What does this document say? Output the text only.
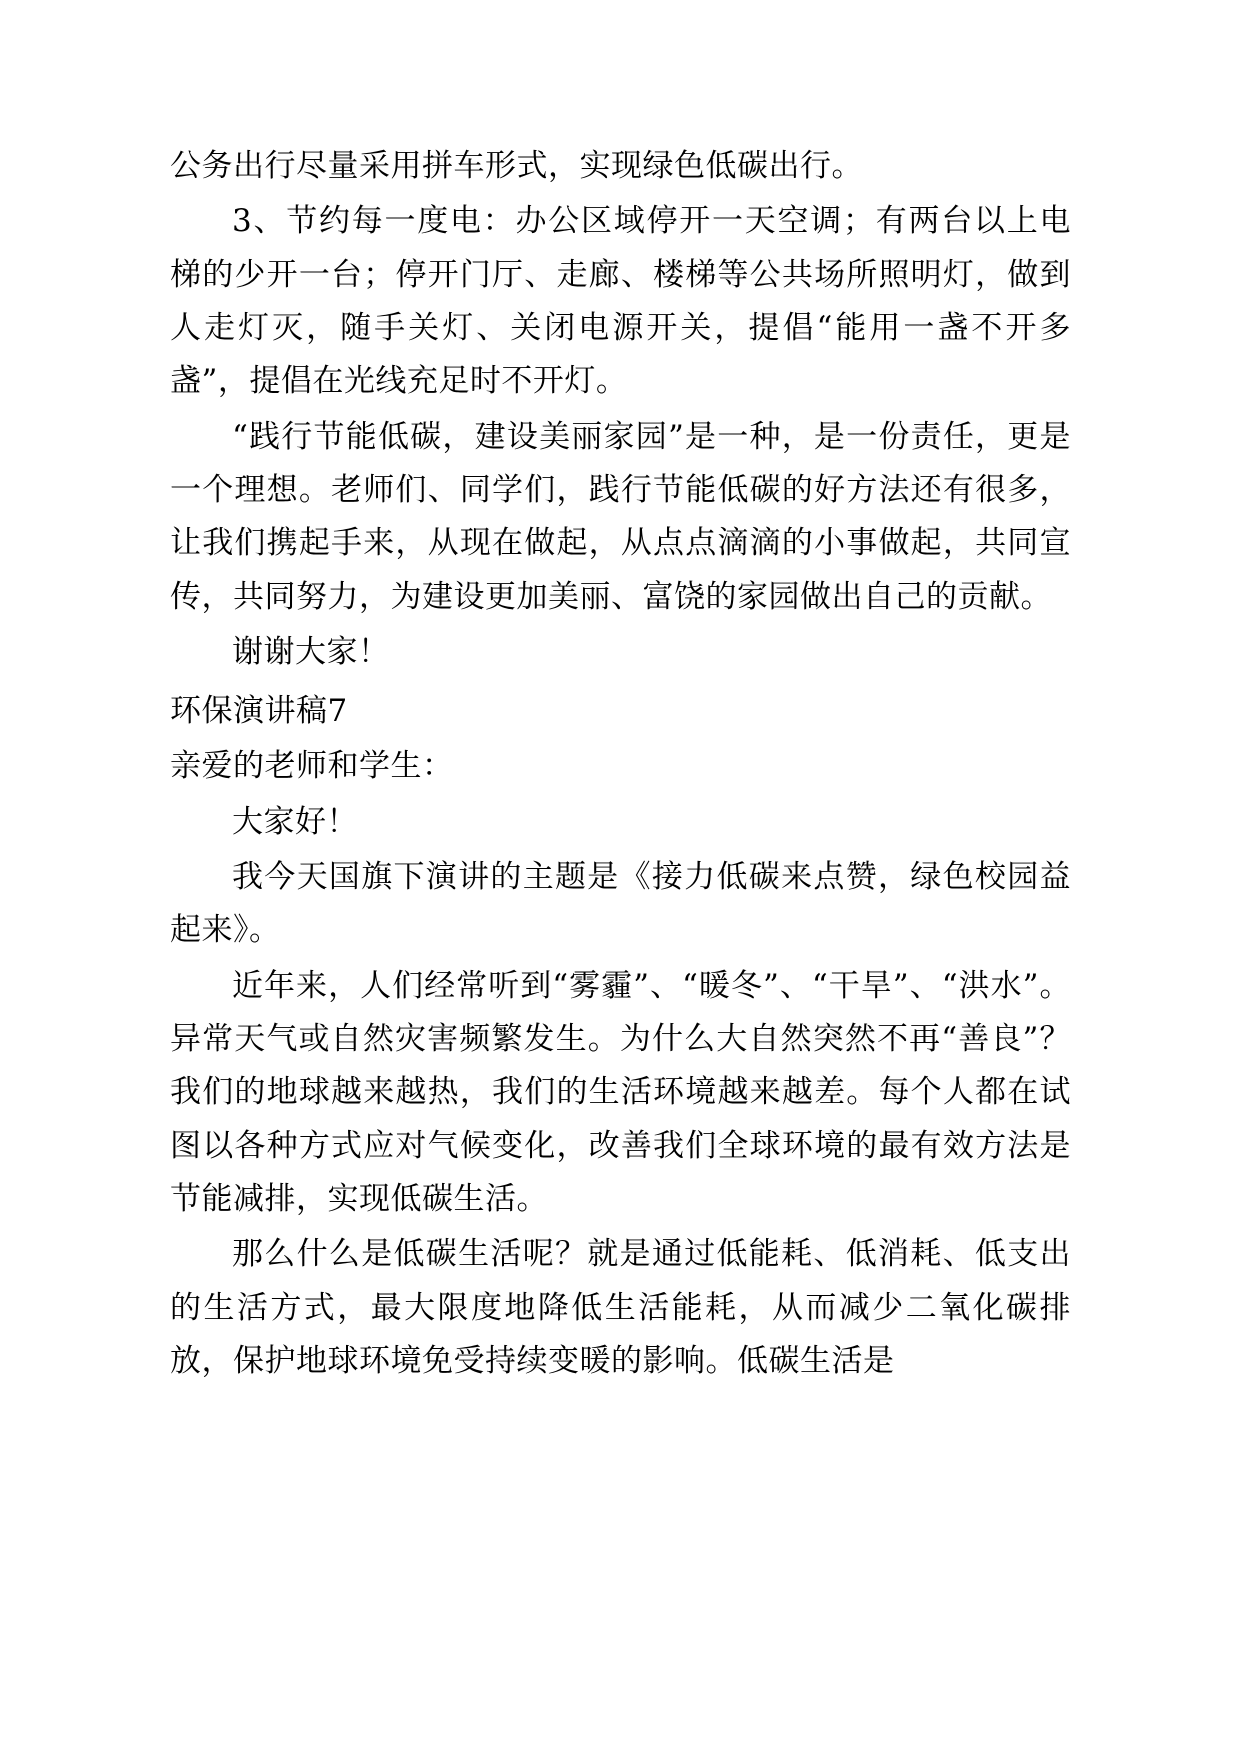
公务出行尽量采用拼车形式，实现绿色低碳出行。

3、节约每一度电：办公区域停开一天空调；有两台以上电梯的少开一台；停开门厅、走廊、楼梯等公共场所照明灯，做到人走灯灭，随手关灯、关闭电源开关，提倡“能用一盏不开多盏”，提倡在光线充足时不开灯。

“践行节能低碳，建设美丽家园”是一种，是一份责任，更是一个理想。老师们、同学们，践行节能低碳的好方法还有很多，让我们携起手来，从现在做起，从点点滴滴的小事做起，共同宣传，共同努力，为建设更加美丽、富饶的家园做出自己的贡献。

谢谢大家！

环保演讲稿7

亲爱的老师和学生：

大家好！

我今天国旗下演讲的主题是《接力低碳来点赞，绿色校园益起来》。

近年来，人们经常听到“雾霾”、“暖冬”、“干旱”、“洪水”。异常天气或自然灾害频繁发生。为什么大自然突然不再“善良”？我们的地球越来越热，我们的生活环境越来越差。每个人都在试图以各种方式应对气候变化，改善我们全球环境的最有效方法是节能减排，实现低碳生活。

那么什么是低碳生活呢？就是通过低能耗、低消耗、低支出的生活方式，最大限度地降低生活能耗，从而减少二氧化碳排放，保护地球环境免受持续变暖的影响。低碳生活是
